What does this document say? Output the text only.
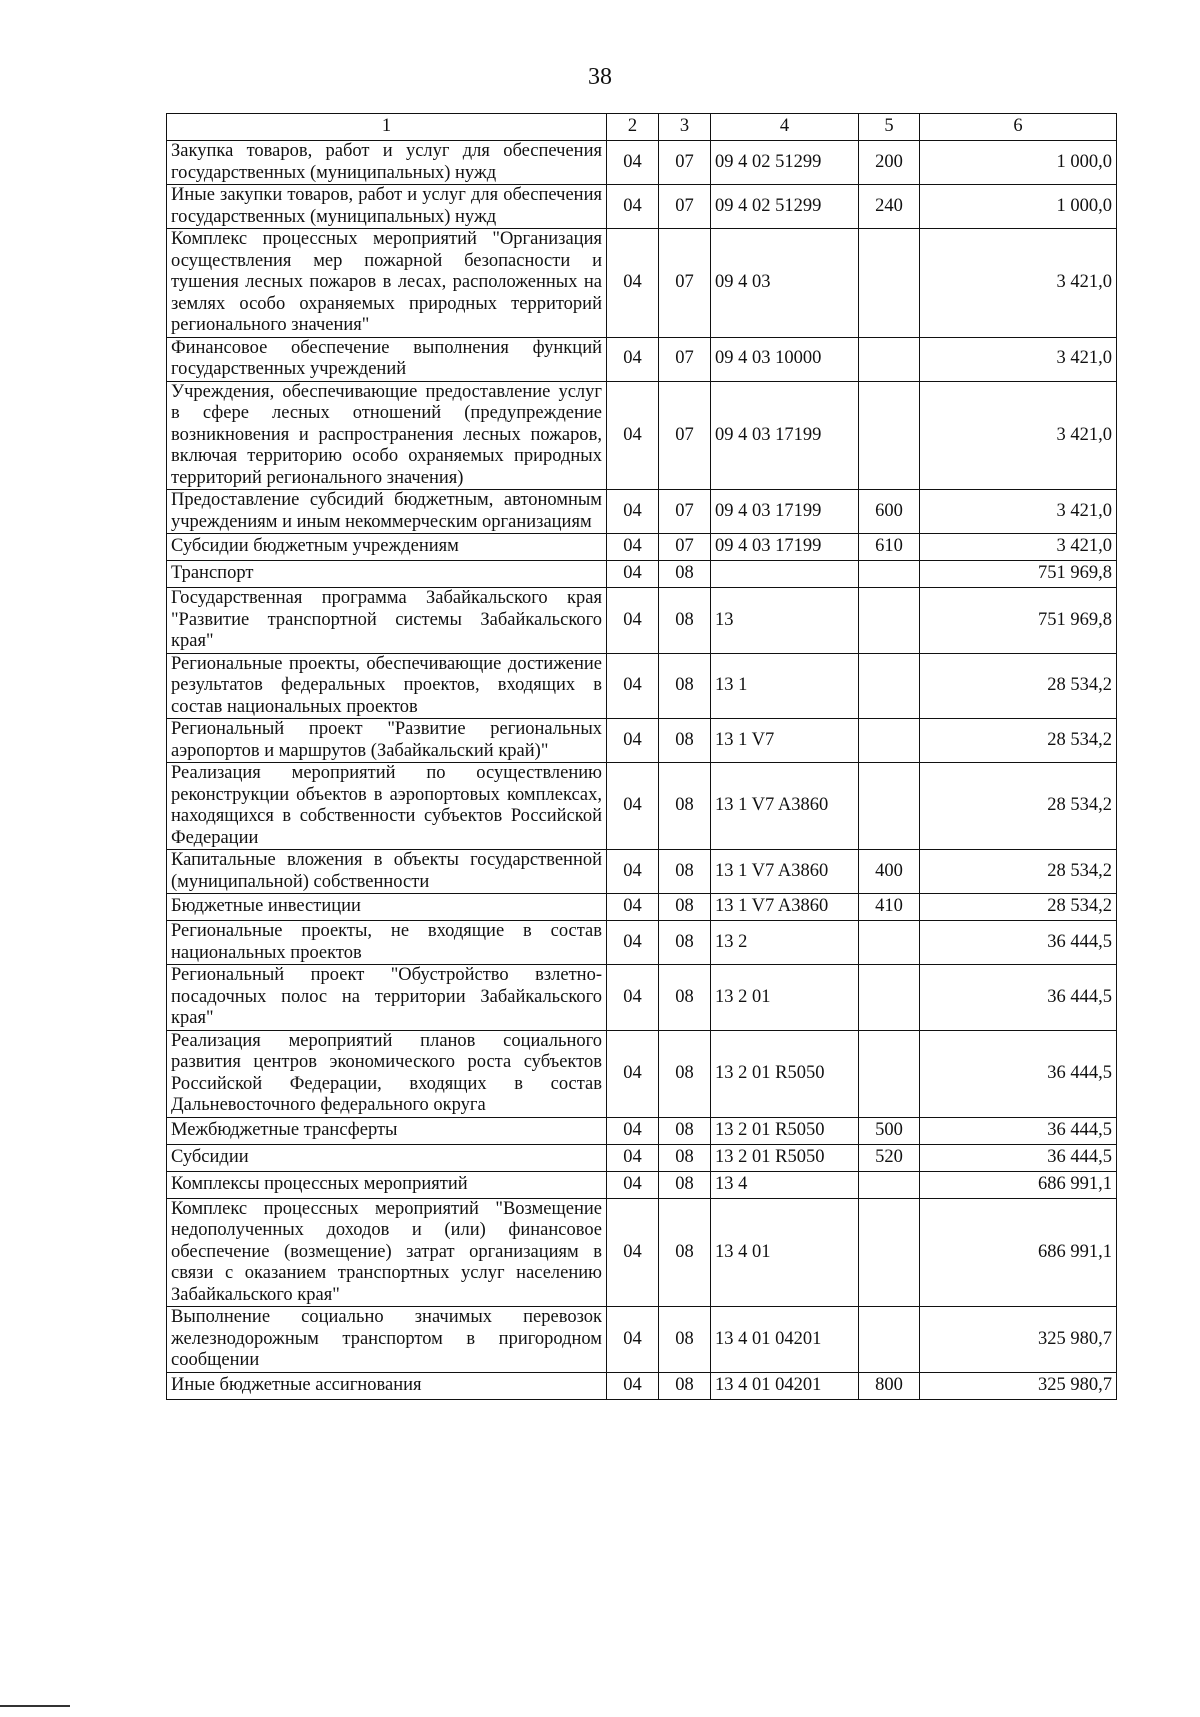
38
1	2	3	4	5	6
Закупка товаров, работ и услуг для обеспечения государственных (муниципальных) нужд	04	07	09 4 02 51299	200	1 000,0
Иные закупки товаров, работ и услуг для обеспечения государственных (муниципальных) нужд	04	07	09 4 02 51299	240	1 000,0
Комплекс процессных мероприятий "Организация осуществления мер пожарной безопасности и тушения лесных пожаров в лесах, расположенных на землях особо охраняемых природных территорий регионального значения"	04	07	09 4 03		3 421,0
Финансовое обеспечение выполнения функций государственных учреждений	04	07	09 4 03 10000		3 421,0
Учреждения, обеспечивающие предоставление услуг в сфере лесных отношений (предупреждение возникновения и распространения лесных пожаров, включая территорию особо охраняемых природных территорий регионального значения)	04	07	09 4 03 17199		3 421,0
Предоставление субсидий бюджетным, автономным учреждениям и иным некоммерческим организациям	04	07	09 4 03 17199	600	3 421,0
Субсидии бюджетным учреждениям	04	07	09 4 03 17199	610	3 421,0
Транспорт	04	08			751 969,8
Государственная программа Забайкальского края "Развитие транспортной системы Забайкальского края"	04	08	13		751 969,8
Региональные проекты, обеспечивающие достижение результатов федеральных проектов, входящих в состав национальных проектов	04	08	13 1		28 534,2
Региональный проект "Развитие региональных аэропортов и маршрутов (Забайкальский край)"	04	08	13 1 V7		28 534,2
Реализация мероприятий по осуществлению реконструкции объектов в аэропортовых комплексах, находящихся в собственности субъектов Российской Федерации	04	08	13 1 V7 A3860		28 534,2
Капитальные вложения в объекты государственной (муниципальной) собственности	04	08	13 1 V7 A3860	400	28 534,2
Бюджетные инвестиции	04	08	13 1 V7 A3860	410	28 534,2
Региональные проекты, не входящие в состав национальных проектов	04	08	13 2		36 444,5
Региональный проект "Обустройство взлетно-посадочных полос на территории Забайкальского края"	04	08	13 2 01		36 444,5
Реализация мероприятий планов социального развития центров экономического роста субъектов Российской Федерации, входящих в состав Дальневосточного федерального округа	04	08	13 2 01 R5050		36 444,5
Межбюджетные трансферты	04	08	13 2 01 R5050	500	36 444,5
Субсидии	04	08	13 2 01 R5050	520	36 444,5
Комплексы процессных мероприятий	04	08	13 4		686 991,1
Комплекс процессных мероприятий "Возмещение недополученных доходов и (или) финансовое обеспечение (возмещение) затрат организациям в связи с оказанием транспортных услуг населению Забайкальского края"	04	08	13 4 01		686 991,1
Выполнение социально значимых перевозок железнодорожным транспортом в пригородном сообщении	04	08	13 4 01 04201		325 980,7
Иные бюджетные ассигнования	04	08	13 4 01 04201	800	325 980,7
